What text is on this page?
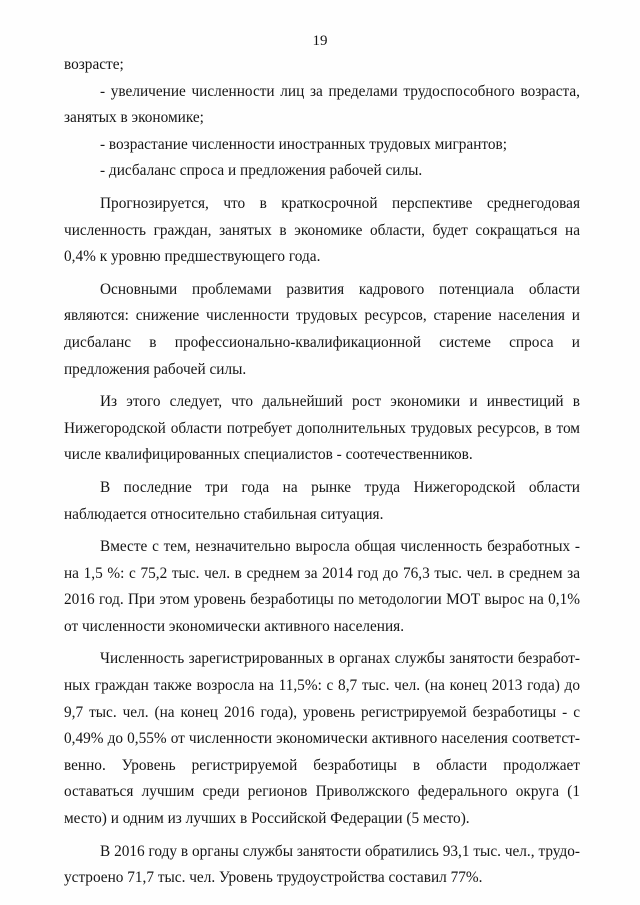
19

возрасте;

- увеличение численности лиц за пределами трудоспособного возраста, занятых в экономике;

- возрастание численности иностранных трудовых мигрантов;

- дисбаланс спроса и предложения рабочей силы.

Прогнозируется, что в краткосрочной перспективе среднегодовая численность граждан, занятых в экономике области, будет сокращаться на 0,4% к уровню предшествующего года.

Основными проблемами развития кадрового потенциала области являются: снижение численности трудовых ресурсов, старение населения и дисбаланс в профессионально-квалификационной системе спроса и предложения рабочей силы.

Из этого следует, что дальнейший рост экономики и инвестиций в Нижегородской области потребует дополнительных трудовых ресурсов, в том числе квалифицированных специалистов - соотечественников.

В последние три года на рынке труда Нижегородской области наблюдается относительно стабильная ситуация.

Вместе с тем, незначительно выросла общая численность безработных - на 1,5 %: с 75,2 тыс. чел. в среднем за 2014 год до 76,3 тыс. чел. в среднем за 2016 год. При этом уровень безработицы по методологии МОТ вырос на 0,1% от численности экономически активного населения.

Численность зарегистрированных в органах службы занятости безработных граждан также возросла на 11,5%: с 8,7 тыс. чел. (на конец 2013 года) до 9,7 тыс. чел. (на конец 2016 года), уровень регистрируемой безработицы - с 0,49% до 0,55% от численности экономически активного населения соответственно. Уровень регистрируемой безработицы в области продолжает оставаться лучшим среди регионов Приволжского федерального округа (1 место) и одним из лучших в Российской Федерации (5 место).

В 2016 году в органы службы занятости обратились 93,1 тыс. чел., трудоустроено 71,7 тыс. чел. Уровень трудоустройства составил 77%.
